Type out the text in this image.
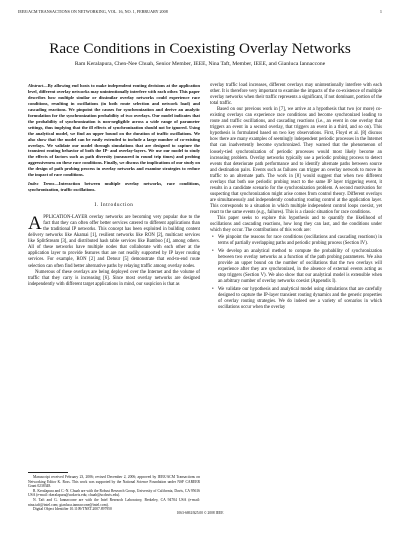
IEEE/ACM TRANSACTIONS ON NETWORKING, VOL. 16, NO. 1, FEBRUARY 2008	1
Race Conditions in Coexisting Overlay Networks
Ram Keralapura, Chen-Nee Chuah, Senior Member, IEEE, Nina Taft, Member, IEEE, and Gianluca Iannaccone

Abstract—By allowing end hosts to make independent routing decisions at the application level, different overlay networks may unintentionally interfere with each other. This paper describes how multiple similar or dissimilar overlay networks could experience race conditions, resulting in oscillations (in both route selection and network load) and cascading reactions. We pinpoint the causes for synchronization and derive an analytic formulation for the synchronization probability of two overlays. Our model indicates that the probability of synchronization is non-negligible across a wide range of parameter settings, thus implying that the ill effects of synchronization should not be ignored. Using the analytical model, we find an upper bound on the duration of traffic oscillations. We also show that the model can be easily extended to include a large number of co-existing overlays. We validate our model through simulations that are designed to capture the transient routing behavior of both the IP- and overlay-layers. We use our model to study the effects of factors such as path diversity (measured in round trip times) and probing aggressiveness on these race conditions. Finally, we discuss the implications of our study on the design of path probing process in overlay networks and examine strategies to reduce the impact of race conditions.

Index Terms—Interaction between multiple overlay networks, race conditions, synchronization, traffic oscillations.

I. Introduction

APPLICATION-LAYER overlay networks are becoming very popular due to the fact that they can often offer better services catered to different applications than the traditional IP networks. This concept has been exploited in building content delivery networks like Akamai [1], resilient networks like RON [2], multicast services like SplitStream [3], and distributed hash table services like Bamboo [4], among others. All of these networks have multiple nodes that collaborate with each other at the application layer to provide features that are not readily supported by IP layer routing services. For example, RON [2] and Detour [5] demonstrate that end-to-end route selection can often find better alternative paths by relaying traffic among overlay nodes.

Numerous of these overlays are being deployed over the Internet and the volume of traffic that they carry is increasing [6]. Since most overlay networks are designed independently with different target applications in mind, our suspicion is that as

Manuscript received February 23, 2006; revised December 2, 2006; approved by IEEE/ACM Transactions on Networking Editor K. Ross. This work was supported by the National Science Foundation under NSF CAREER Grant 0238348.

R. Keralapura and C.-N. Chuah are with the Robust Research Group, University of California, Davis, CA 95616 USA (e-mail: rkeralapura@ucdavis.edu; chuah@ucdavis.edu).

N. Taft and G. Iannaccone are with the Intel Research Laboratory, Berkeley, CA 94704 USA (e-mail: nina.taft@intel.com; gianluca.iannaccone@intel.com).

Digital Object Identifier 10.1109/TNET.2007.897950

overlay traffic load increases, different overlays may unintentionally interfere with each other. It is therefore very important to examine the impacts of the co-existence of multiple overlay networks when their traffic represents a significant, if not dominant, portion of the total traffic.

Based on our previous work in [7], we arrive at a hypothesis that two (or more) co-existing overlays can experience race conditions and become synchronized leading to route and traffic oscillations, and cascading reactions (i.e., an event in one overlay that triggers an event in a second overlay, that triggers an event in a third, and so on). This hypothesis is formulated based on two key observations. First, Floyd et al. [8] discuss how there are many examples of seemingly independent periodic processes in the Internet that can inadvertently become synchronized. They warned that the phenomenon of loosely-tied synchronization of periodic processes would most likely become an increasing problem. Overlay networks typically use a periodic probing process to detect events that deteriorate path performance and to identify alternate paths between source and destination pairs. Events such as failures can trigger an overlay network to move its traffic to an alternate path. The work in [8] would suggest that when two different overlays that both use periodic probing react to the same IP layer triggering event, it results in a candidate scenario for the synchronization problem. A second motivation for suspecting that synchronization might arise comes from control theory. Different overlays are simultaneously and independently conducting routing control at the application layer. This corresponds to a situation in which multiple independent control loops coexist, yet react to the same events (e.g., failures). This is a classic situation for race conditions.

This paper seeks to explore this hypothesis and to quantify the likelihood of oscillations and cascading reactions, how long they can last, and the conditions under which they occur. The contributions of this work are:

• We pinpoint the reasons for race conditions (oscillations and cascading reactions) in terms of partially overlapping paths and periodic probing process (Section IV).
• We develop an analytical method to compute the probability of synchronization between two overlay networks as a function of the path probing parameters. We also provide an upper bound on the number of oscillations that the two overlays will experience after they are synchronized, in the absence of external events acting as stop triggers (Section V). We also show that our analytical model is extensible when an arbitrary number of overlay networks coexist (Appendix I).
• We validate our hypothesis and analytical model using simulations that are carefully designed to capture the IP-layer transient routing dynamics and the generic properties of overlay routing strategies. We do indeed see a variety of scenarios in which oscillations occur when the overlay
1063-6692/$25.00 © 2008 IEEE
